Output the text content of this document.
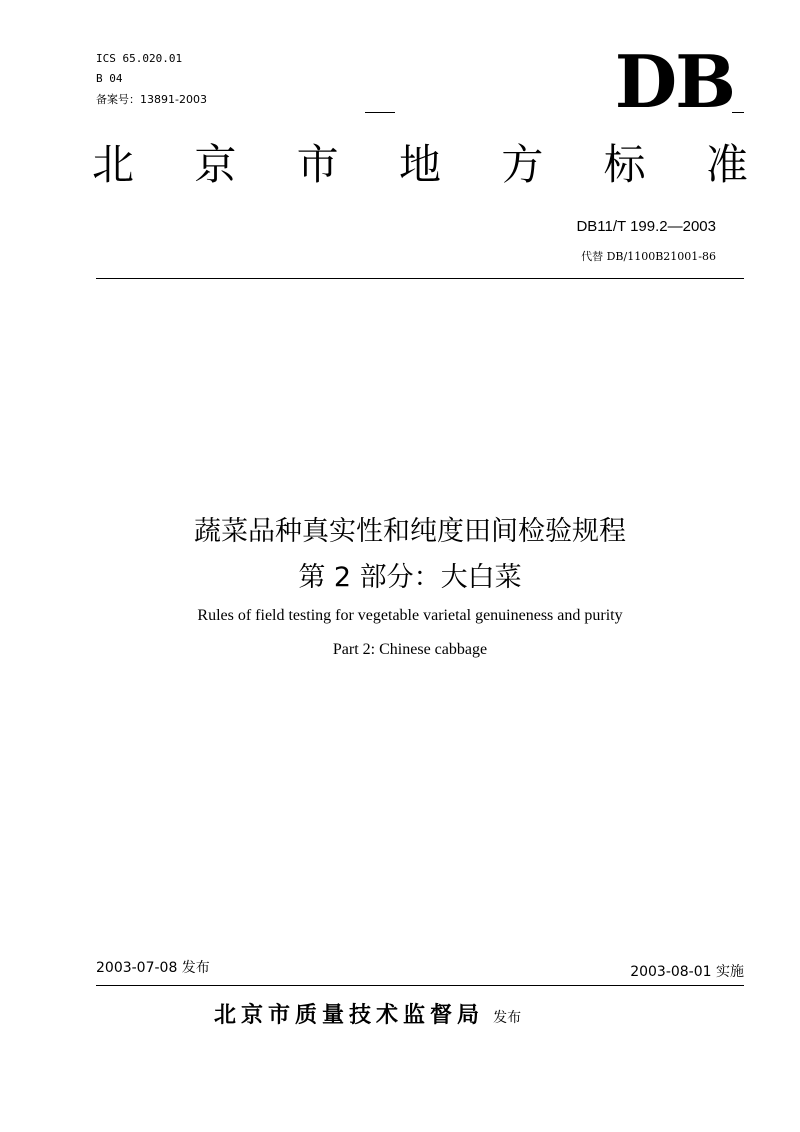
ICS 65.020.01
B 04
备案号：13891-2003	DB
北 京 市 地 方 标 准
DB11/T 199.2—2003
代替 DB/1100B21001-86
蔬菜品种真实性和纯度田间检验规程
第 2 部分：大白菜
Rules of field testing for vegetable varietal genuineness and purity
Part 2: Chinese cabbage
2003-07-08 发布	2003-08-01 实施
北京市质量技术监督局 发布
